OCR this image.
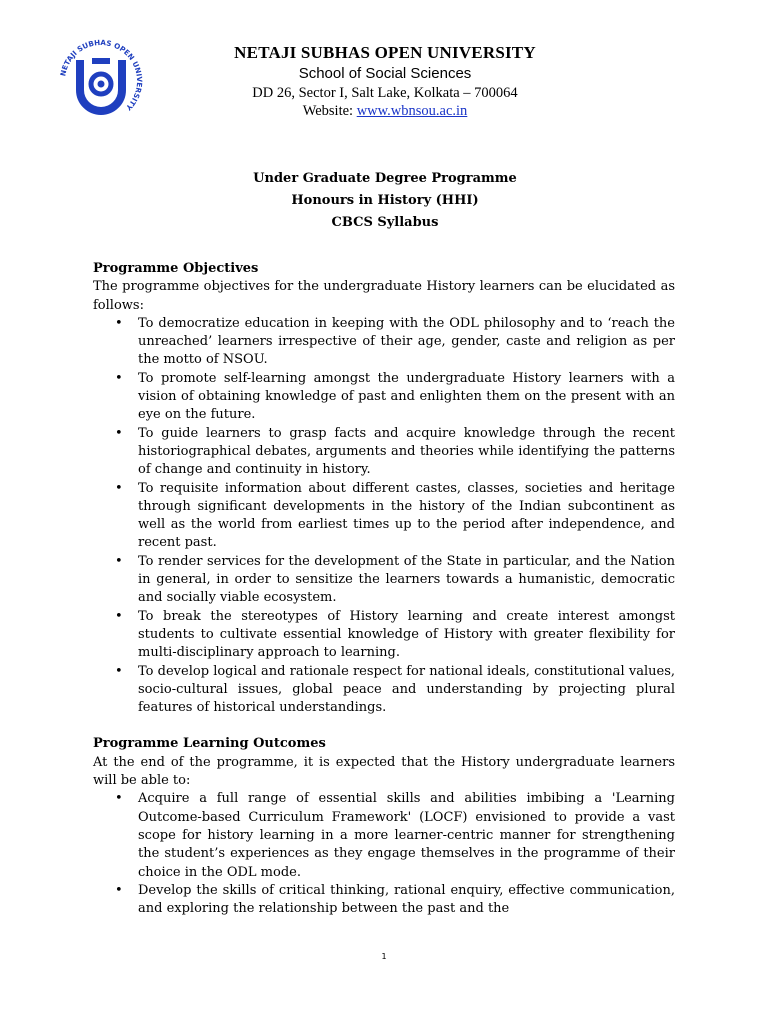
NETAJI SUBHAS OPEN UNIVERSITY
NETAJI SUBHAS OPEN UNIVERSITY
School of Social Sciences
DD 26, Sector I, Salt Lake, Kolkata – 700064
Website: www.wbnsou.ac.in
Under Graduate Degree Programme
Honours in History (HHI)
CBCS Syllabus
Programme Objectives

The programme objectives for the undergraduate History learners can be elucidated as follows:

• To democratize education in keeping with the ODL philosophy and to ‘reach the unreached’ learners irrespective of their age, gender, caste and religion as per the motto of NSOU.
• To promote self-learning amongst the undergraduate History learners with a vision of obtaining knowledge of past and enlighten them on the present with an eye on the future.
• To guide learners to grasp facts and acquire knowledge through the recent historiographical debates, arguments and theories while identifying the patterns of change and continuity in history.
• To requisite information about different castes, classes, societies and heritage through significant developments in the history of the Indian subcontinent as well as the world from earliest times up to the period after independence, and recent past.
• To render services for the development of the State in particular, and the Nation in general, in order to sensitize the learners towards a humanistic, democratic and socially viable ecosystem.
• To break the stereotypes of History learning and create interest amongst students to cultivate essential knowledge of History with greater flexibility for multi-disciplinary approach to learning.
• To develop logical and rationale respect for national ideals, constitutional values, socio-cultural issues, global peace and understanding by projecting plural features of historical understandings.
Programme Learning Outcomes

At the end of the programme, it is expected that the History undergraduate learners will be able to:

• Acquire a full range of essential skills and abilities imbibing a 'Learning Outcome-based Curriculum Framework' (LOCF) envisioned to provide a vast scope for history learning in a more learner-centric manner for strengthening the student’s experiences as they engage themselves in the programme of their choice in the ODL mode.
• Develop the skills of critical thinking, rational enquiry, effective communication, and exploring the relationship between the past and the
1
